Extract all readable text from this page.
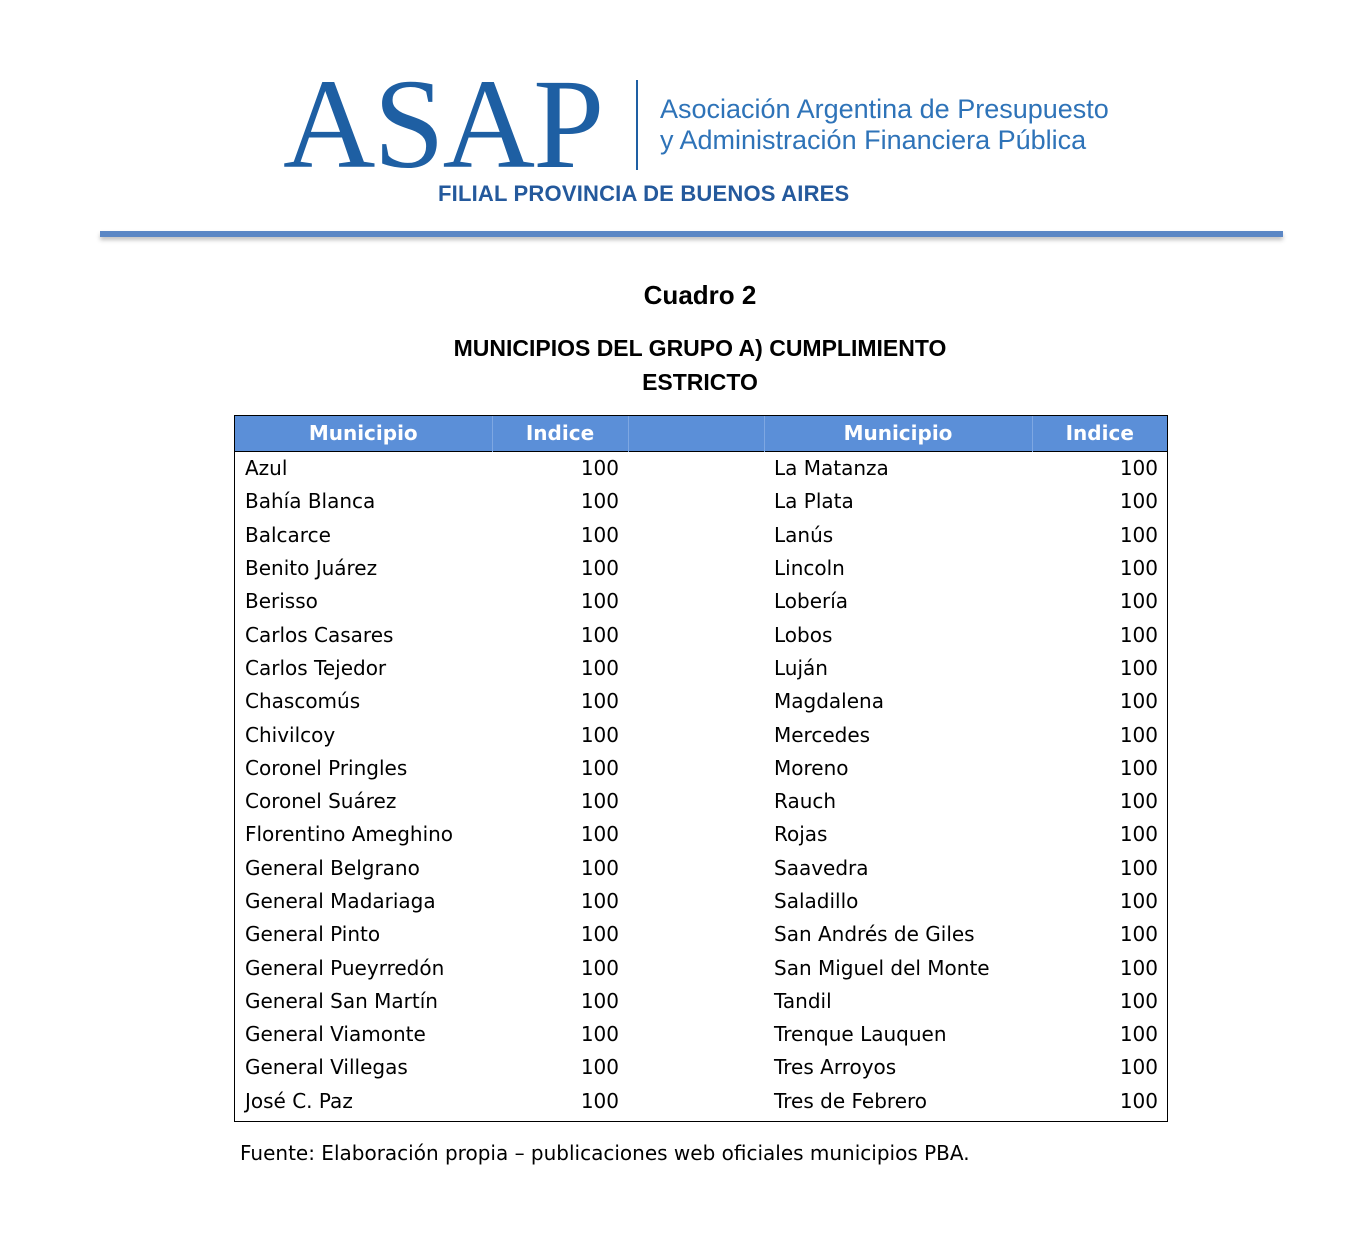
ASAP Asociación Argentina de Presupuesto
y Administración Financiera Pública
FILIAL PROVINCIA DE BUENOS AIRES
Cuadro 2
MUNICIPIOS DEL GRUPO A) CUMPLIMIENTO
ESTRICTO
Municipio	Indice		Municipio	Indice
Azul	100		La Matanza	100
Bahía Blanca	100		La Plata	100
Balcarce	100		Lanús	100
Benito Juárez	100		Lincoln	100
Berisso	100		Lobería	100
Carlos Casares	100		Lobos	100
Carlos Tejedor	100		Luján	100
Chascomús	100		Magdalena	100
Chivilcoy	100		Mercedes	100
Coronel Pringles	100		Moreno	100
Coronel Suárez	100		Rauch	100
Florentino Ameghino	100		Rojas	100
General Belgrano	100		Saavedra	100
General Madariaga	100		Saladillo	100
General Pinto	100		San Andrés de Giles	100
General Pueyrredón	100		San Miguel del Monte	100
General San Martín	100		Tandil	100
General Viamonte	100		Trenque Lauquen	100
General Villegas	100		Tres Arroyos	100
José C. Paz	100		Tres de Febrero	100
Fuente: Elaboración propia – publicaciones web oficiales municipios PBA.
